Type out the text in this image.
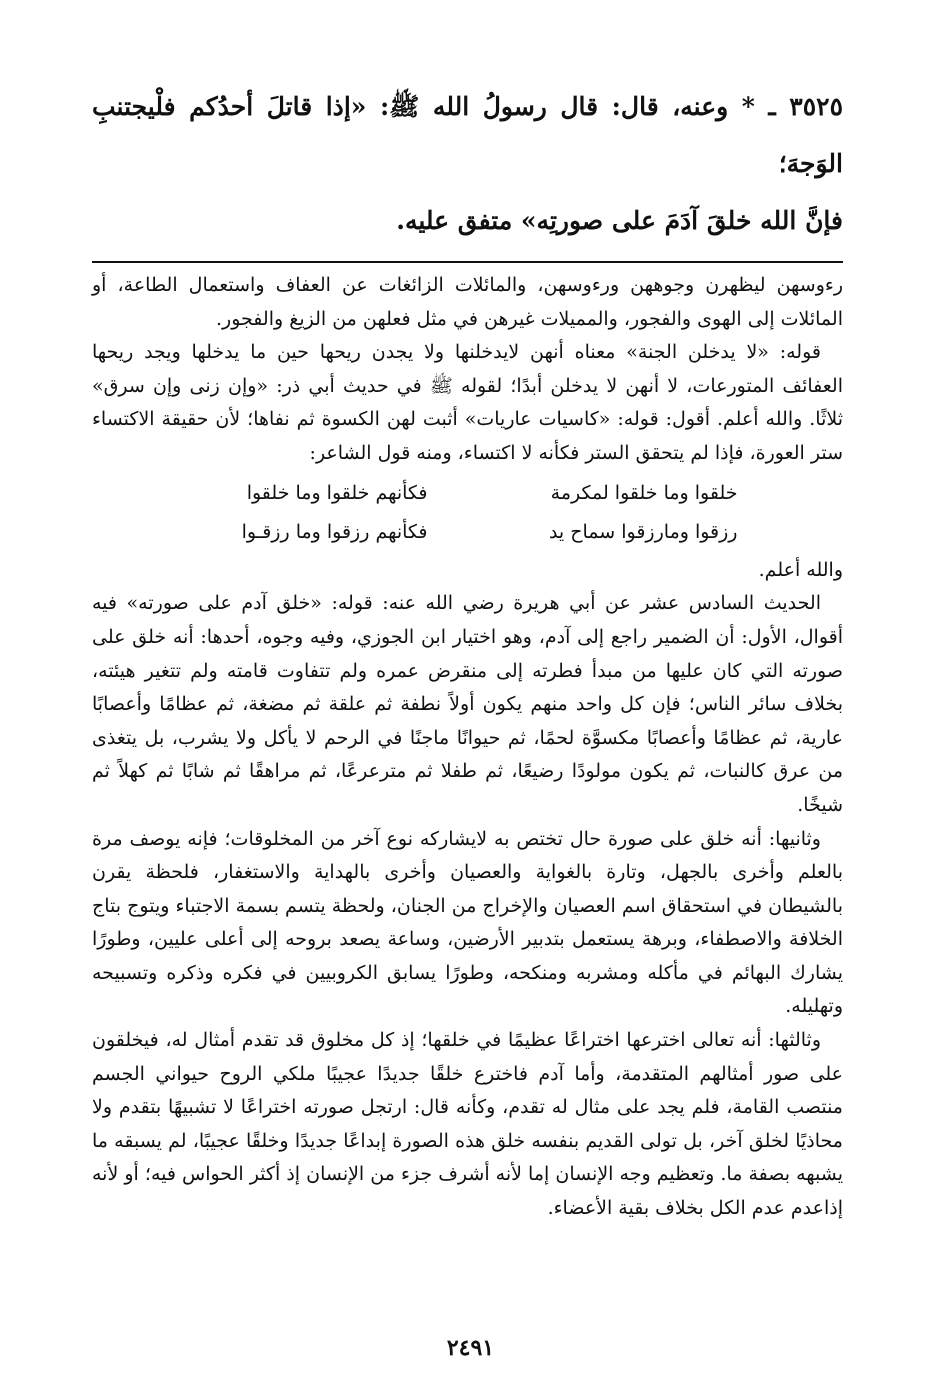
٣٥٢٥ ـ * وعنه، قال: قال رسولُ الله ﷺ: «إذا قاتلَ أحدُكم فلْيجتنبِ الوَجهَ؛

فإنَّ الله خلقَ آدَمَ على صورتِه» متفق عليه.

رءوسهن ليظهرن وجوههن ورءوسهن، والمائلات الزائغات عن العفاف واستعمال الطاعة، أو المائلات إلى الهوى والفجور، والمميلات غيرهن في مثل فعلهن من الزيغ والفجور.

قوله: «لا يدخلن الجنة» معناه أنهن لايدخلنها ولا يجدن ريحها حين ما يدخلها ويجد ريحها العفائف المتورعات، لا أنهن لا يدخلن أبدًا؛ لقوله ﷺ في حديث أبي ذر: «وإن زنى وإن سرق» ثلاثًا. والله أعلم. أقول: قوله: «كاسيات عاريات» أثبت لهن الكسوة ثم نفاها؛ لأن حقيقة الاكتساء ستر العورة، فإذا لم يتحقق الستر فكأنه لا اكتساء، ومنه قول الشاعر:

خلقوا وما خلقوا لمكرمة
فكأنهم خلقوا وما خلقوا
رزقوا ومارزقوا سماح يد
فكأنهم رزقوا وما رزقـوا

والله أعلم.

الحديث السادس عشر عن أبي هريرة رضي الله عنه: قوله: «خلق آدم على صورته» فيه أقوال، الأول: أن الضمير راجع إلى آدم، وهو اختيار ابن الجوزي، وفيه وجوه، أحدها: أنه خلق على صورته التي كان عليها من مبدأ فطرته إلى منقرض عمره ولم تتفاوت قامته ولم تتغير هيئته، بخلاف سائر الناس؛ فإن كل واحد منهم يكون أولاً نطفة ثم علقة ثم مضغة، ثم عظامًا وأعصابًا عارية، ثم عظامًا وأعصابًا مكسوَّة لحمًا، ثم حيوانًا ماجنًا في الرحم لا يأكل ولا يشرب، بل يتغذى من عرق كالنبات، ثم يكون مولودًا رضيعًا، ثم طفلا ثم مترعرعًا، ثم مراهقًا ثم شابًا ثم كهلاً ثم شيخًا.

وثانيها: أنه خلق على صورة حال تختص به لايشاركه نوع آخر من المخلوقات؛ فإنه يوصف مرة بالعلم وأخرى بالجهل، وتارة بالغواية والعصيان وأخرى بالهداية والاستغفار، فلحظة يقرن بالشيطان في استحقاق اسم العصيان والإخراج من الجنان، ولحظة يتسم بسمة الاجتباء ويتوج بتاج الخلافة والاصطفاء، وبرهة يستعمل بتدبير الأرضين، وساعة يصعد بروحه إلى أعلى عليين، وطورًا يشارك البهائم في مأكله ومشربه ومنكحه، وطورًا يسابق الكروبيين في فكره وذكره وتسبيحه وتهليله.

وثالثها: أنه تعالى اخترعها اختراعًا عظيمًا في خلقها؛ إذ كل مخلوق قد تقدم أمثال له، فيخلقون على صور أمثالهم المتقدمة، وأما آدم فاخترع خلقًا جديدًا عجيبًا ملكي الروح حيواني الجسم منتصب القامة، فلم يجد على مثال له تقدم، وكأنه قال: ارتجل صورته اختراعًا لا تشبيهًا بتقدم ولا محاذيًا لخلق آخر، بل تولى القديم بنفسه خلق هذه الصورة إبداعًا جديدًا وخلقًا عجيبًا، لم يسبقه ما يشبهه بصفة ما. وتعظيم وجه الإنسان إما لأنه أشرف جزء من الإنسان إذ أكثر الحواس فيه؛ أو لأنه إذاعدم عدم الكل بخلاف بقية الأعضاء.

٢٤٩١
